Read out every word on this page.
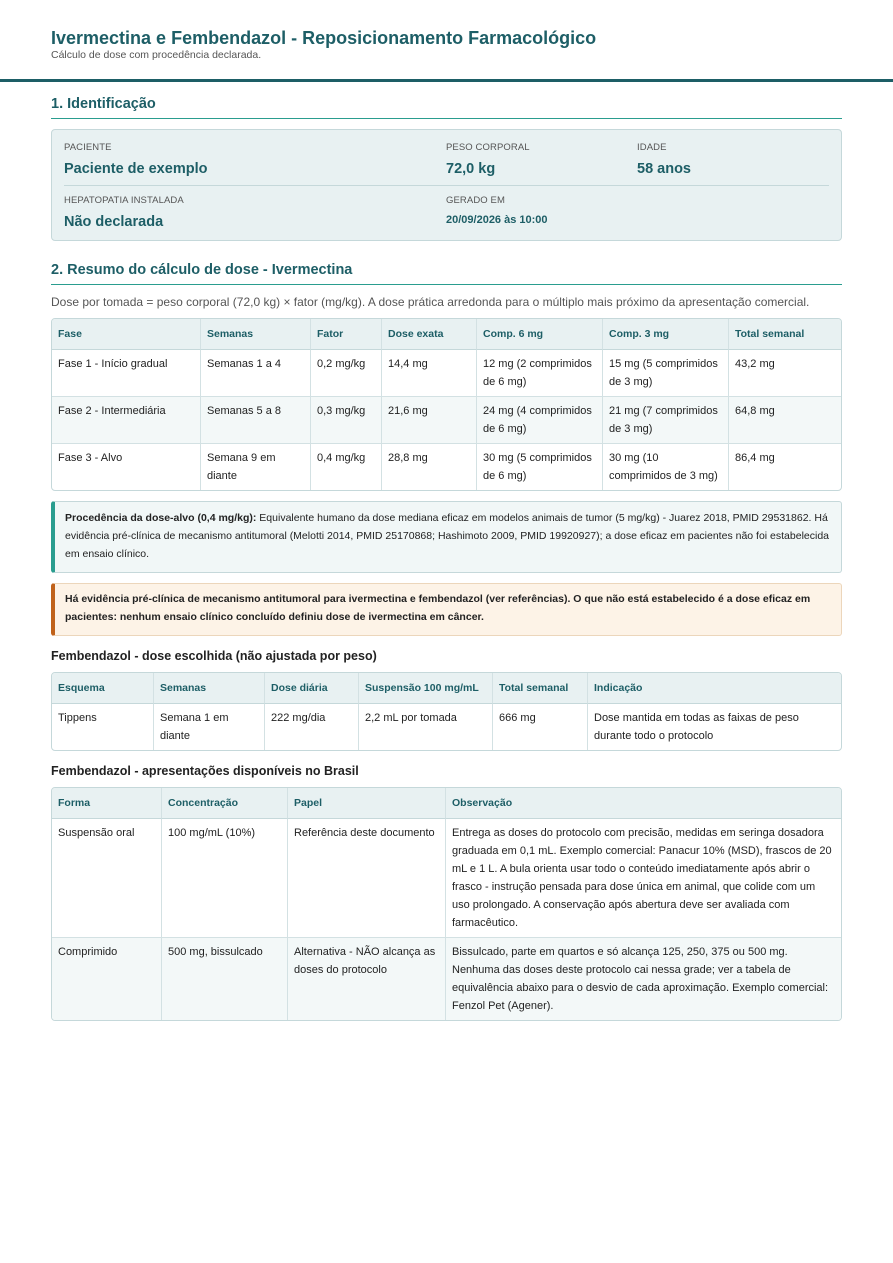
Ivermectina e Fembendazol - Reposicionamento Farmacológico
Cálculo de dose com procedência declarada.
1. Identificação
PACIENTE
Paciente de exemplo
PESO CORPORAL
72,0 kg
IDADE
58 anos
HEPATOPATIA INSTALADA
Não declarada
GERADO EM
20/09/2026 às 10:00
2. Resumo do cálculo de dose - Ivermectina
Dose por tomada = peso corporal (72,0 kg) × fator (mg/kg). A dose prática arredonda para o múltiplo mais próximo da apresentação comercial.
Fase	Semanas	Fator	Dose exata	Comp. 6 mg	Comp. 3 mg	Total semanal
Fase 1 - Início gradual	Semanas 1 a 4	0,2 mg/kg	14,4 mg	12 mg (2 comprimidos de 6 mg)	15 mg (5 comprimidos de 3 mg)	43,2 mg
Fase 2 - Intermediária	Semanas 5 a 8	0,3 mg/kg	21,6 mg	24 mg (4 comprimidos de 6 mg)	21 mg (7 comprimidos de 3 mg)	64,8 mg
Fase 3 - Alvo	Semana 9 em diante	0,4 mg/kg	28,8 mg	30 mg (5 comprimidos de 6 mg)	30 mg (10 comprimidos de 3 mg)	86,4 mg
Procedência da dose-alvo (0,4 mg/kg): Equivalente humano da dose mediana eficaz em modelos animais de tumor (5 mg/kg) - Juarez 2018, PMID 29531862. Há evidência pré-clínica de mecanismo antitumoral (Melotti 2014, PMID 25170868; Hashimoto 2009, PMID 19920927); a dose eficaz em pacientes não foi estabelecida em ensaio clínico.
Há evidência pré-clínica de mecanismo antitumoral para ivermectina e fembendazol (ver referências). O que não está estabelecido é a dose eficaz em pacientes: nenhum ensaio clínico concluído definiu dose de ivermectina em câncer.
Fembendazol - dose escolhida (não ajustada por peso)
Esquema	Semanas	Dose diária	Suspensão 100 mg/mL	Total semanal	Indicação
Tippens	Semana 1 em diante	222 mg/dia	2,2 mL por tomada	666 mg	Dose mantida em todas as faixas de peso durante todo o protocolo
Fembendazol - apresentações disponíveis no Brasil
Forma	Concentração	Papel	Observação
Suspensão oral	100 mg/mL (10%)	Referência deste documento	Entrega as doses do protocolo com precisão, medidas em seringa dosadora graduada em 0,1 mL. Exemplo comercial: Panacur 10% (MSD), frascos de 20 mL e 1 L. A bula orienta usar todo o conteúdo imediatamente após abrir o frasco - instrução pensada para dose única em animal, que colide com um uso prolongado. A conservação após abertura deve ser avaliada com farmacêutico.
Comprimido	500 mg, bissulcado	Alternativa - NÃO alcança as doses do protocolo	Bissulcado, parte em quartos e só alcança 125, 250, 375 ou 500 mg. Nenhuma das doses deste protocolo cai nessa grade; ver a tabela de equivalência abaixo para o desvio de cada aproximação. Exemplo comercial: Fenzol Pet (Agener).
